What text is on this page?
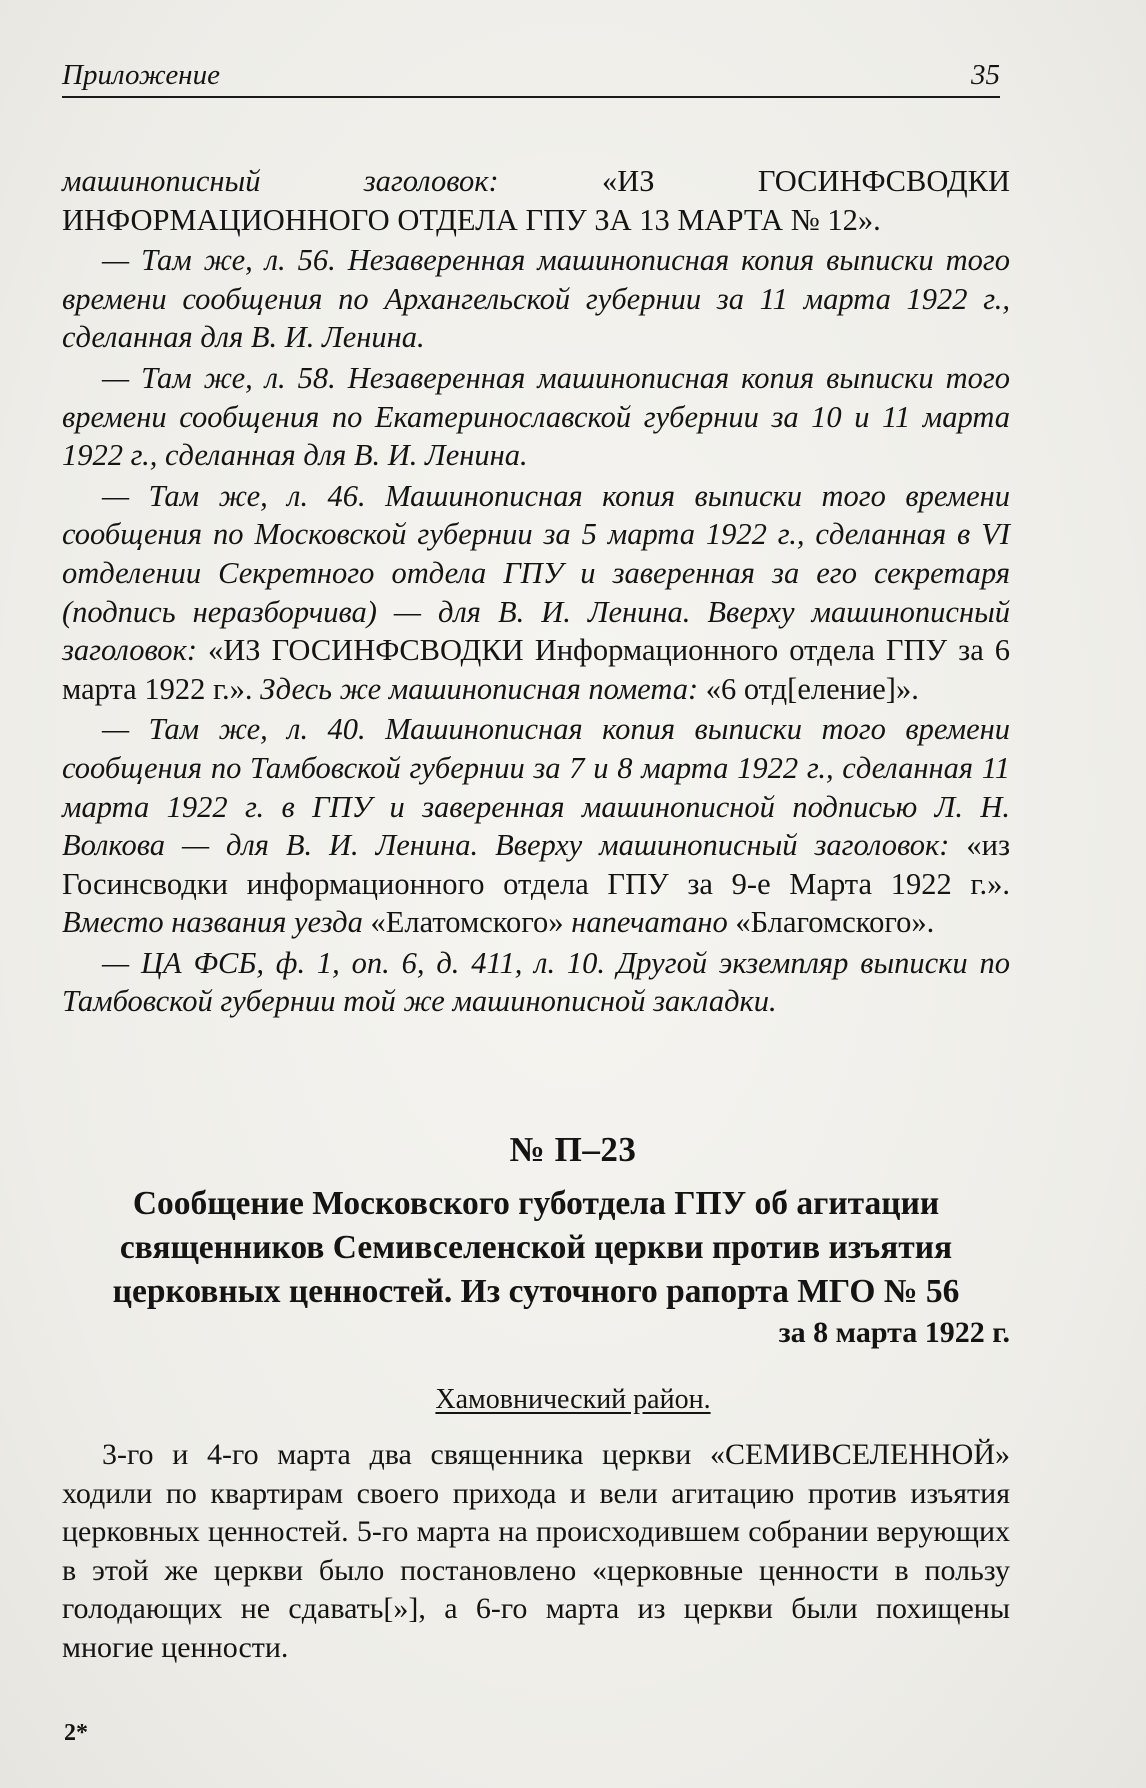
Приложение	35

машинописный заголовок: «ИЗ ГОСИНФСВОДКИ ИНФОРМАЦИОННОГО ОТДЕЛА ГПУ ЗА 13 МАРТА № 12».

— Там же, л. 56. Незаверенная машинописная копия выписки того времени сообщения по Архангельской губернии за 11 марта 1922 г., сделанная для В. И. Ленина.

— Там же, л. 58. Незаверенная машинописная копия выписки того времени сообщения по Екатеринославской губернии за 10 и 11 марта 1922 г., сделанная для В. И. Ленина.

— Там же, л. 46. Машинописная копия выписки того времени сообщения по Московской губернии за 5 марта 1922 г., сделанная в VI отделении Секретного отдела ГПУ и заверенная за его секретаря (подпись неразборчива) — для В. И. Ленина. Вверху машинописный заголовок: «ИЗ ГОСИНФСВОДКИ Информационного отдела ГПУ за 6 марта 1922 г.». Здесь же машинописная помета: «6 отд[еление]».

— Там же, л. 40. Машинописная копия выписки того времени сообщения по Тамбовской губернии за 7 и 8 марта 1922 г., сделанная 11 марта 1922 г. в ГПУ и заверенная машинописной подписью Л. Н. Волкова — для В. И. Ленина. Вверху машинописный заголовок: «из Госинсводки информационного отдела ГПУ за 9-е Марта 1922 г.». Вместо названия уезда «Елатомского» напечатано «Благомского».

— ЦА ФСБ, ф. 1, оп. 6, д. 411, л. 10. Другой экземпляр выписки по Тамбовской губернии той же машинописной закладки.

№ П–23
Сообщение Московского губотдела ГПУ об агитации священников Семивселенской церкви против изъятия церковных ценностей. Из суточного рапорта МГО № 56
за 8 марта 1922 г.
Хамовнический район.

3-го и 4-го марта два священника церкви «СЕМИВСЕЛЕННОЙ» ходили по квартирам своего прихода и вели агитацию против изъятия церковных ценностей. 5-го марта на происходившем собрании верующих в этой же церкви было постановлено «церковные ценности в пользу голодающих не сдавать[»], а 6-го марта из церкви были похищены многие ценности.

2*
